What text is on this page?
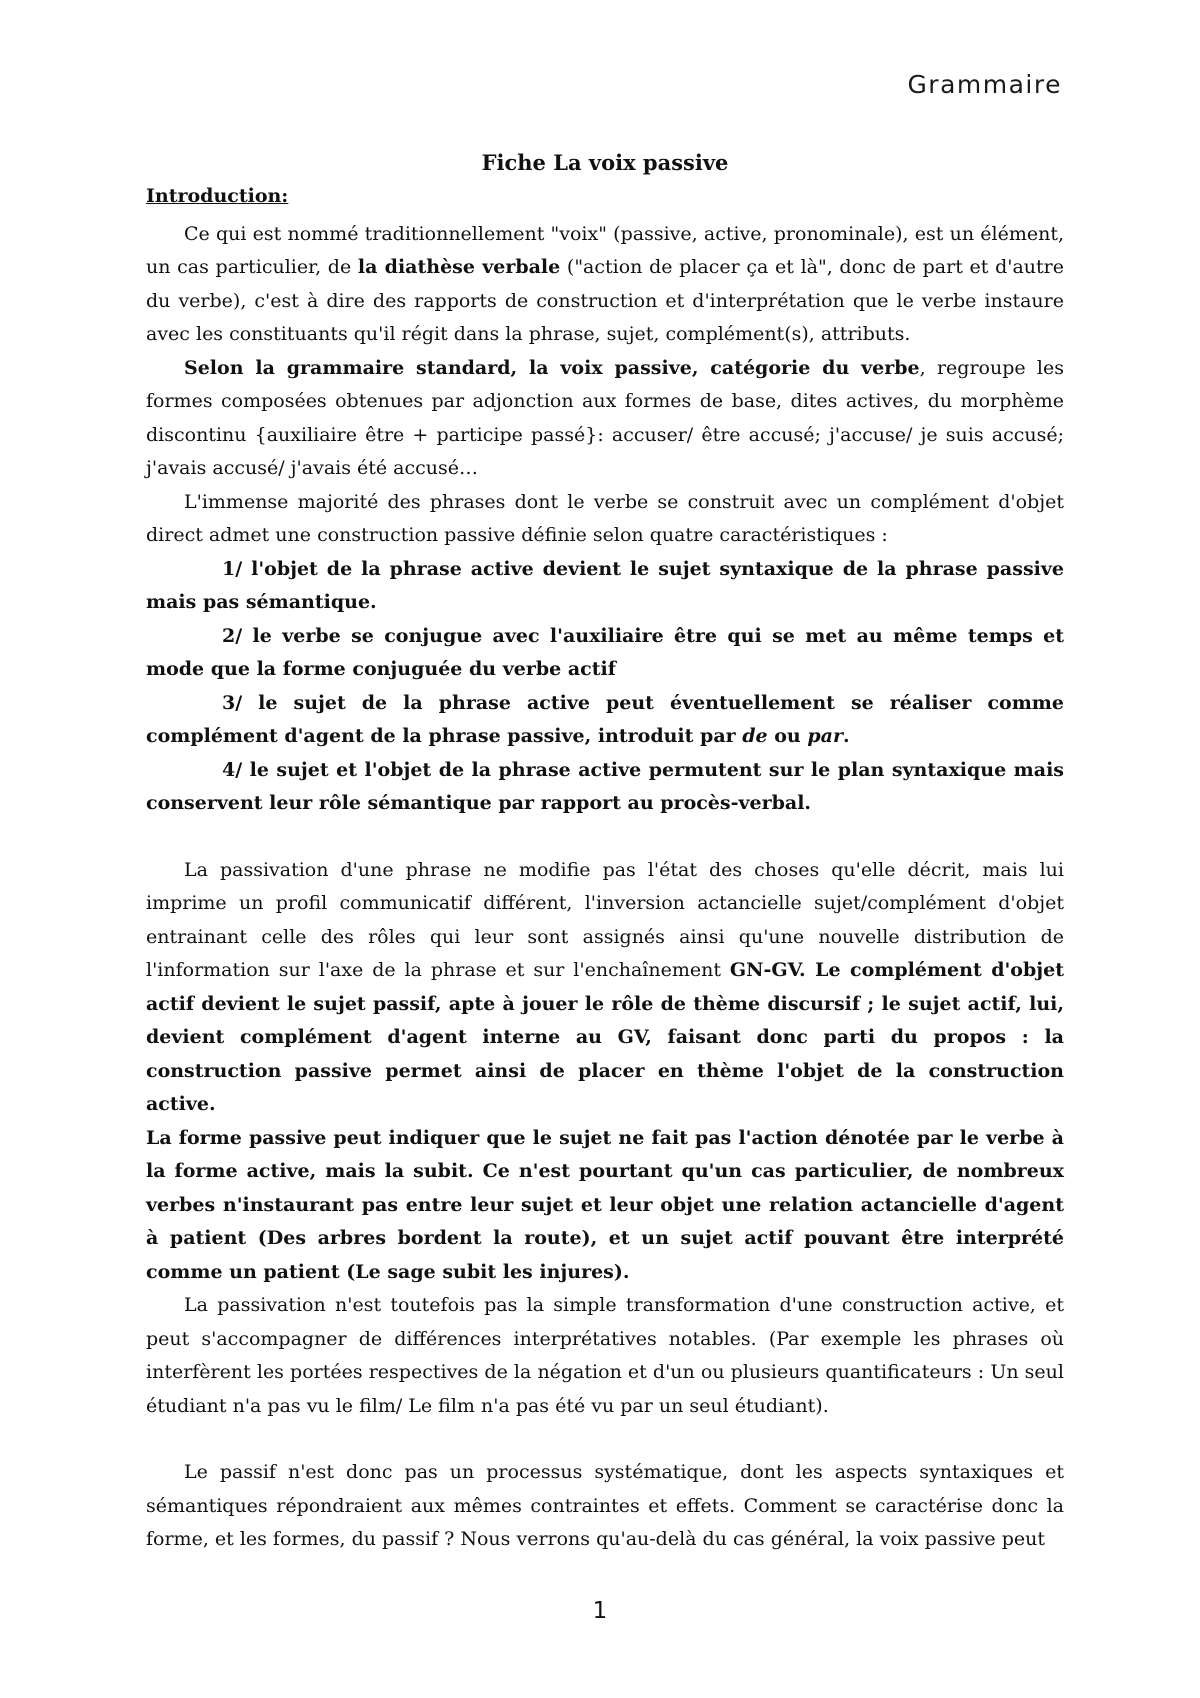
Grammaire

Fiche La voix passive

Introduction:

Ce qui est nommé traditionnellement "voix" (passive, active, pronominale), est un élément, un cas particulier, de la diathèse verbale ("action de placer ça et là", donc de part et d'autre du verbe), c'est à dire des rapports de construction et d'interprétation que le verbe instaure avec les constituants qu'il régit dans la phrase, sujet, complément(s), attributs.

Selon la grammaire standard, la voix passive, catégorie du verbe, regroupe les formes composées obtenues par adjonction aux formes de base, dites actives, du morphème discontinu {auxiliaire être + participe passé}: accuser/ être accusé; j'accuse/ je suis accusé; j'avais accusé/ j'avais été accusé…

L'immense majorité des phrases dont le verbe se construit avec un complément d'objet direct admet une construction passive définie selon quatre caractéristiques :

1/ l'objet de la phrase active devient le sujet syntaxique de la phrase passive mais pas sémantique.

2/ le verbe se conjugue avec l'auxiliaire être qui se met au même temps et mode que la forme conjuguée du verbe actif

3/ le sujet de la phrase active peut éventuellement se réaliser comme complément d'agent de la phrase passive, introduit par de ou par.

4/ le sujet et l'objet de la phrase active permutent sur le plan syntaxique mais conservent leur rôle sémantique par rapport au procès-verbal.

La passivation d'une phrase ne modifie pas l'état des choses qu'elle décrit, mais lui imprime un profil communicatif différent, l'inversion actancielle sujet/complément d'objet entrainant celle des rôles qui leur sont assignés ainsi qu'une nouvelle distribution de l'information sur l'axe de la phrase et sur l'enchaînement GN-GV. Le complément d'objet actif devient le sujet passif, apte à jouer le rôle de thème discursif ; le sujet actif, lui, devient complément d'agent interne au GV, faisant donc parti du propos : la construction passive permet ainsi de placer en thème l'objet de la construction active.

La forme passive peut indiquer que le sujet ne fait pas l'action dénotée par le verbe à la forme active, mais la subit. Ce n'est pourtant qu'un cas particulier, de nombreux verbes n'instaurant pas entre leur sujet et leur objet une relation actancielle d'agent à patient (Des arbres bordent la route), et un sujet actif pouvant être interprété comme un patient (Le sage subit les injures).

La passivation n'est toutefois pas la simple transformation d'une construction active, et peut s'accompagner de différences interprétatives notables. (Par exemple les phrases où interfèrent les portées respectives de la négation et d'un ou plusieurs quantificateurs : Un seul étudiant n'a pas vu le film/ Le film n'a pas été vu par un seul étudiant).

Le passif n'est donc pas un processus systématique, dont les aspects syntaxiques et sémantiques répondraient aux mêmes contraintes et effets. Comment se caractérise donc la forme, et les formes, du passif ? Nous verrons qu'au-delà du cas général, la voix passive peut

1
